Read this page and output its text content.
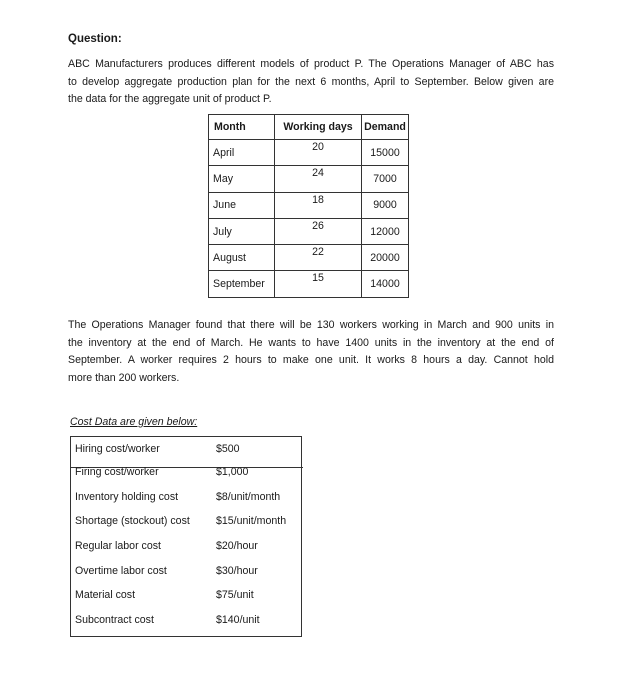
Question:
ABC Manufacturers produces different models of product P. The Operations Manager of ABC has
to develop aggregate production plan for the next 6 months, April to September. Below given are
the data for the aggregate unit of product P.
Month	Working days	Demand
April	20	15000
May	24	7000
June	18	9000
July	26	12000
August	22	20000
September	15	14000
The Operations Manager found that there will be 130 workers working in March and 900 units in
the inventory at the end of March. He wants to have 1400 units in the inventory at the end of
September. A worker requires 2 hours to make one unit. It works 8 hours a day. Cannot hold
more than 200 workers.
Cost Data are given below:
Hiring cost/worker	$500
Firing cost/worker	$1,000
Inventory holding cost	$8/unit/month
Shortage (stockout) cost $15/unit/month
Regular labor cost	$20/hour
Overtime labor cost	$30/hour
Material cost	$75/unit
Subcontract cost	$140/unit
